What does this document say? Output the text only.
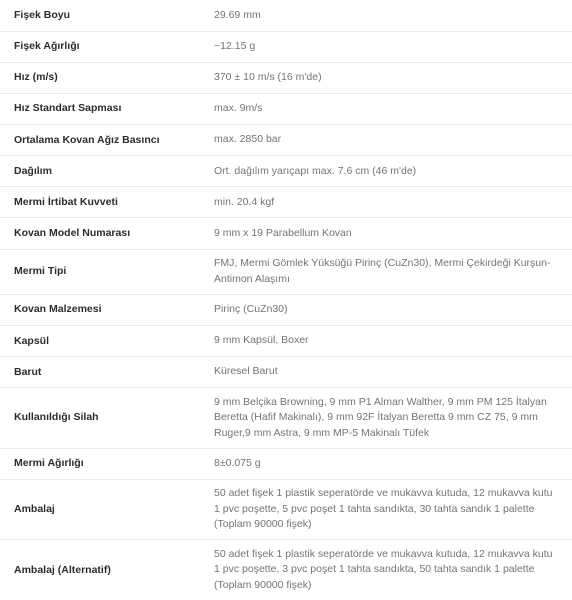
Fişek Boyu	29.69 mm
Fişek Ağırlığı	~12.15 g
Hız (m/s)	370 ± 10 m/s (16 m'de)
Hız Standart Sapması	max. 9m/s
Ortalama Kovan Ağız Basıncı	max. 2850 bar
Dağılım	Ort. dağılım yarıçapı max. 7.6 cm (46 m'de)
Mermi İrtibat Kuvveti	min. 20.4 kgf
Kovan Model Numarası	9 mm x 19 Parabellum Kovan
Mermi Tipi	FMJ, Mermi Gömlek Yüksüğü Pirinç (CuZn30), Mermi Çekirdeği Kurşun-Antimon Alaşımı
Kovan Malzemesi	Pirinç (CuZn30)
Kapsül	9 mm Kapsül, Boxer
Barut	Küresel Barut
Kullanıldığı Silah	9 mm Belçika Browning, 9 mm P1 Alman Walther, 9 mm PM 125 İtalyan Beretta (Hafif Makinalı), 9 mm 92F İtalyan Beretta 9 mm CZ 75, 9 mm Ruger,9 mm Astra, 9 mm MP-5 Makinalı Tüfek
Mermi Ağırlığı	8±0.075 g
Ambalaj	50 adet fişek 1 plastik seperatörde ve mukavva kutuda, 12 mukavva kutu 1 pvc poşette, 5 pvc poşet 1 tahta sandıkta, 30 tahta sandık 1 palette (Toplam 90000 fişek)
Ambalaj (Alternatif)	50 adet fişek 1 plastik seperatörde ve mukavva kutuda, 12 mukavva kutu 1 pvc poşette, 3 pvc poşet 1 tahta sandıkta, 50 tahta sandık 1 palette (Toplam 90000 fişek)
